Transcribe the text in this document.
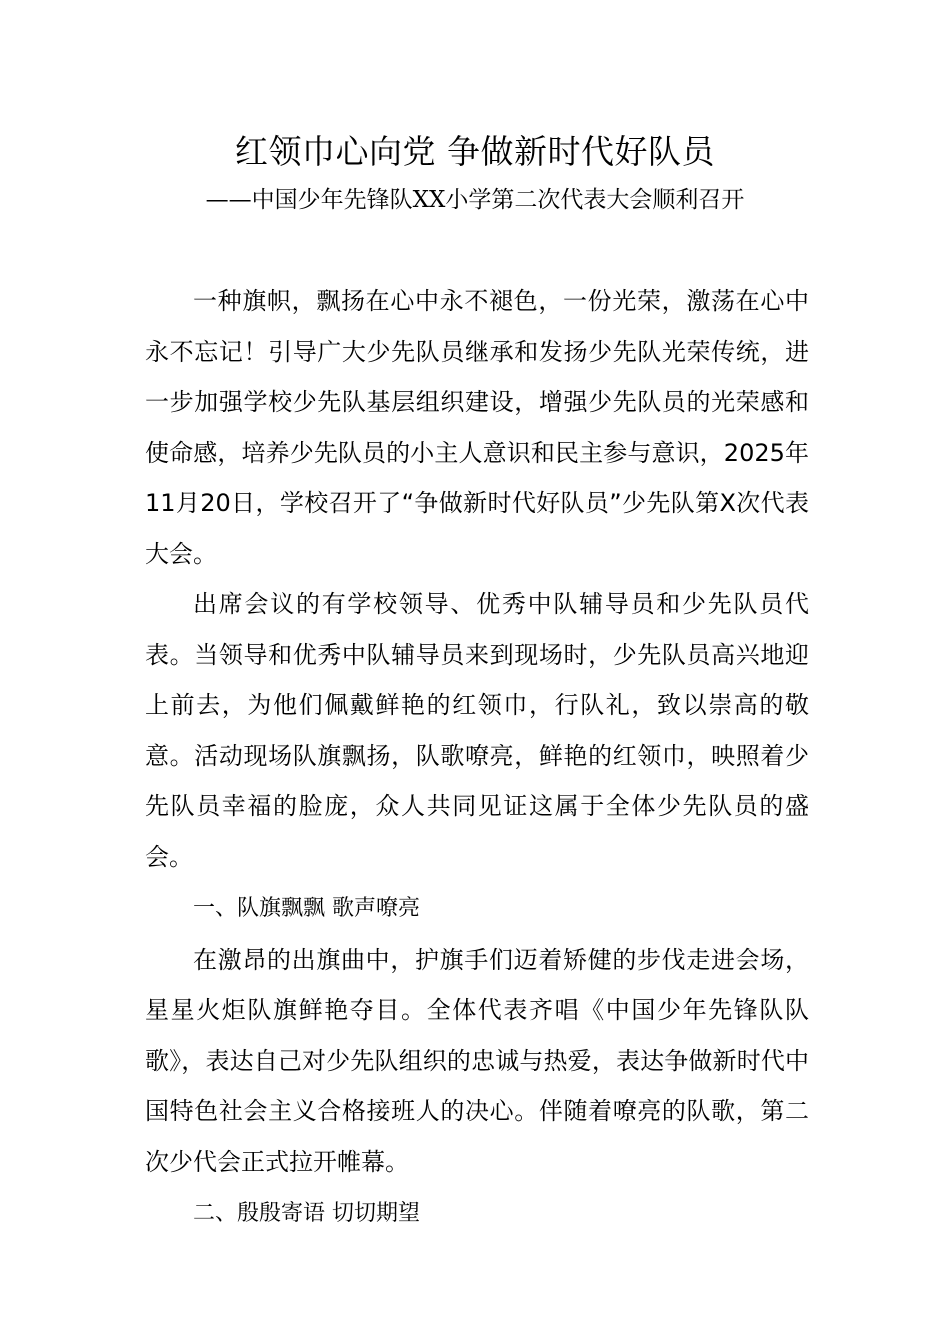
红领巾心向党 争做新时代好队员
——中国少年先锋队XX小学第二次代表大会顺利召开

一种旗帜，飘扬在心中永不褪色，一份光荣，激荡在心中永不忘记！引导广大少先队员继承和发扬少先队光荣传统，进一步加强学校少先队基层组织建设，增强少先队员的光荣感和使命感，培养少先队员的小主人意识和民主参与意识，2025年11月20日，学校召开了“争做新时代好队员”少先队第X次代表大会。

出席会议的有学校领导、优秀中队辅导员和少先队员代表。当领导和优秀中队辅导员来到现场时，少先队员高兴地迎上前去，为他们佩戴鲜艳的红领巾，行队礼，致以崇高的敬意。活动现场队旗飘扬，队歌嘹亮，鲜艳的红领巾，映照着少先队员幸福的脸庞，众人共同见证这属于全体少先队员的盛会。

一、队旗飘飘 歌声嘹亮

在激昂的出旗曲中，护旗手们迈着矫健的步伐走进会场，星星火炬队旗鲜艳夺目。全体代表齐唱《中国少年先锋队队歌》，表达自己对少先队组织的忠诚与热爱，表达争做新时代中国特色社会主义合格接班人的决心。伴随着嘹亮的队歌，第二次少代会正式拉开帷幕。

二、殷殷寄语 切切期望
